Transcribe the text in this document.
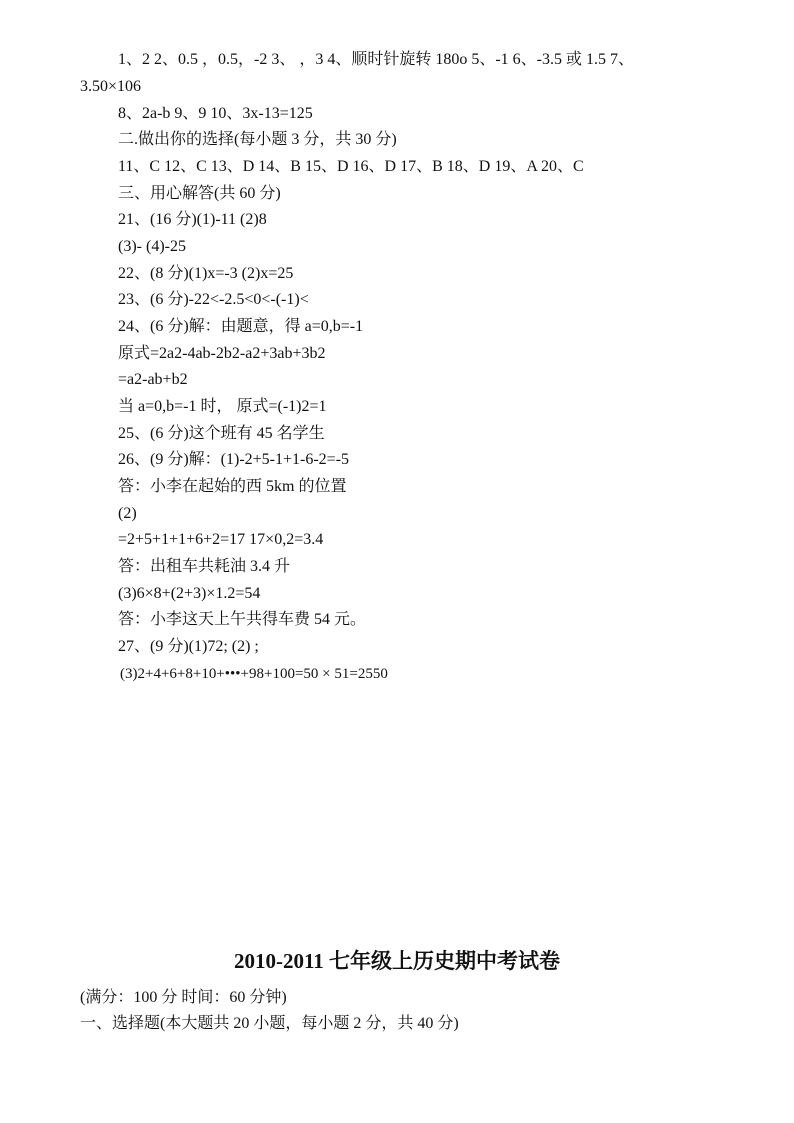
1、2 2、0.5 ，0.5，-2 3、 ，3 4、顺时针旋转 180o 5、-1 6、-3.5 或 1.5 7、
3.50×106
8、2a-b 9、9 10、3x-13=125
二.做出你的选择(每小题 3 分，共 30 分)
11、C 12、C 13、D 14、B 15、D 16、D 17、B 18、D 19、A 20、C
三、用心解答(共 60 分)
21、(16 分)(1)-11 (2)8
(3)- (4)-25
22、(8 分)(1)x=-3 (2)x=25
23、(6 分)-22<-2.5<0<-(-1)<
24、(6 分)解：由题意，得 a=0,b=-1
原式=2a2-4ab-2b2-a2+3ab+3b2
=a2-ab+b2
当 a=0,b=-1 时， 原式=(-1)2=1
25、(6 分)这个班有 45 名学生
26、(9 分)解：(1)-2+5-1+1-6-2=-5
答：小李在起始的西 5km 的位置
(2)
=2+5+1+1+6+2=17 17×0,2=3.4
答：出租车共耗油 3.4 升
(3)6×8+(2+3)×1.2=54
答：小李这天上午共得车费 54 元。
27、(9 分)(1)72; (2) ;
(3)2+4+6+8+10+•••+98+100=50 × 51=2550
2010-2011 七年级上历史期中考试卷
(满分：100 分 时间：60 分钟)
一、选择题(本大题共 20 小题，每小题 2 分，共 40 分)
